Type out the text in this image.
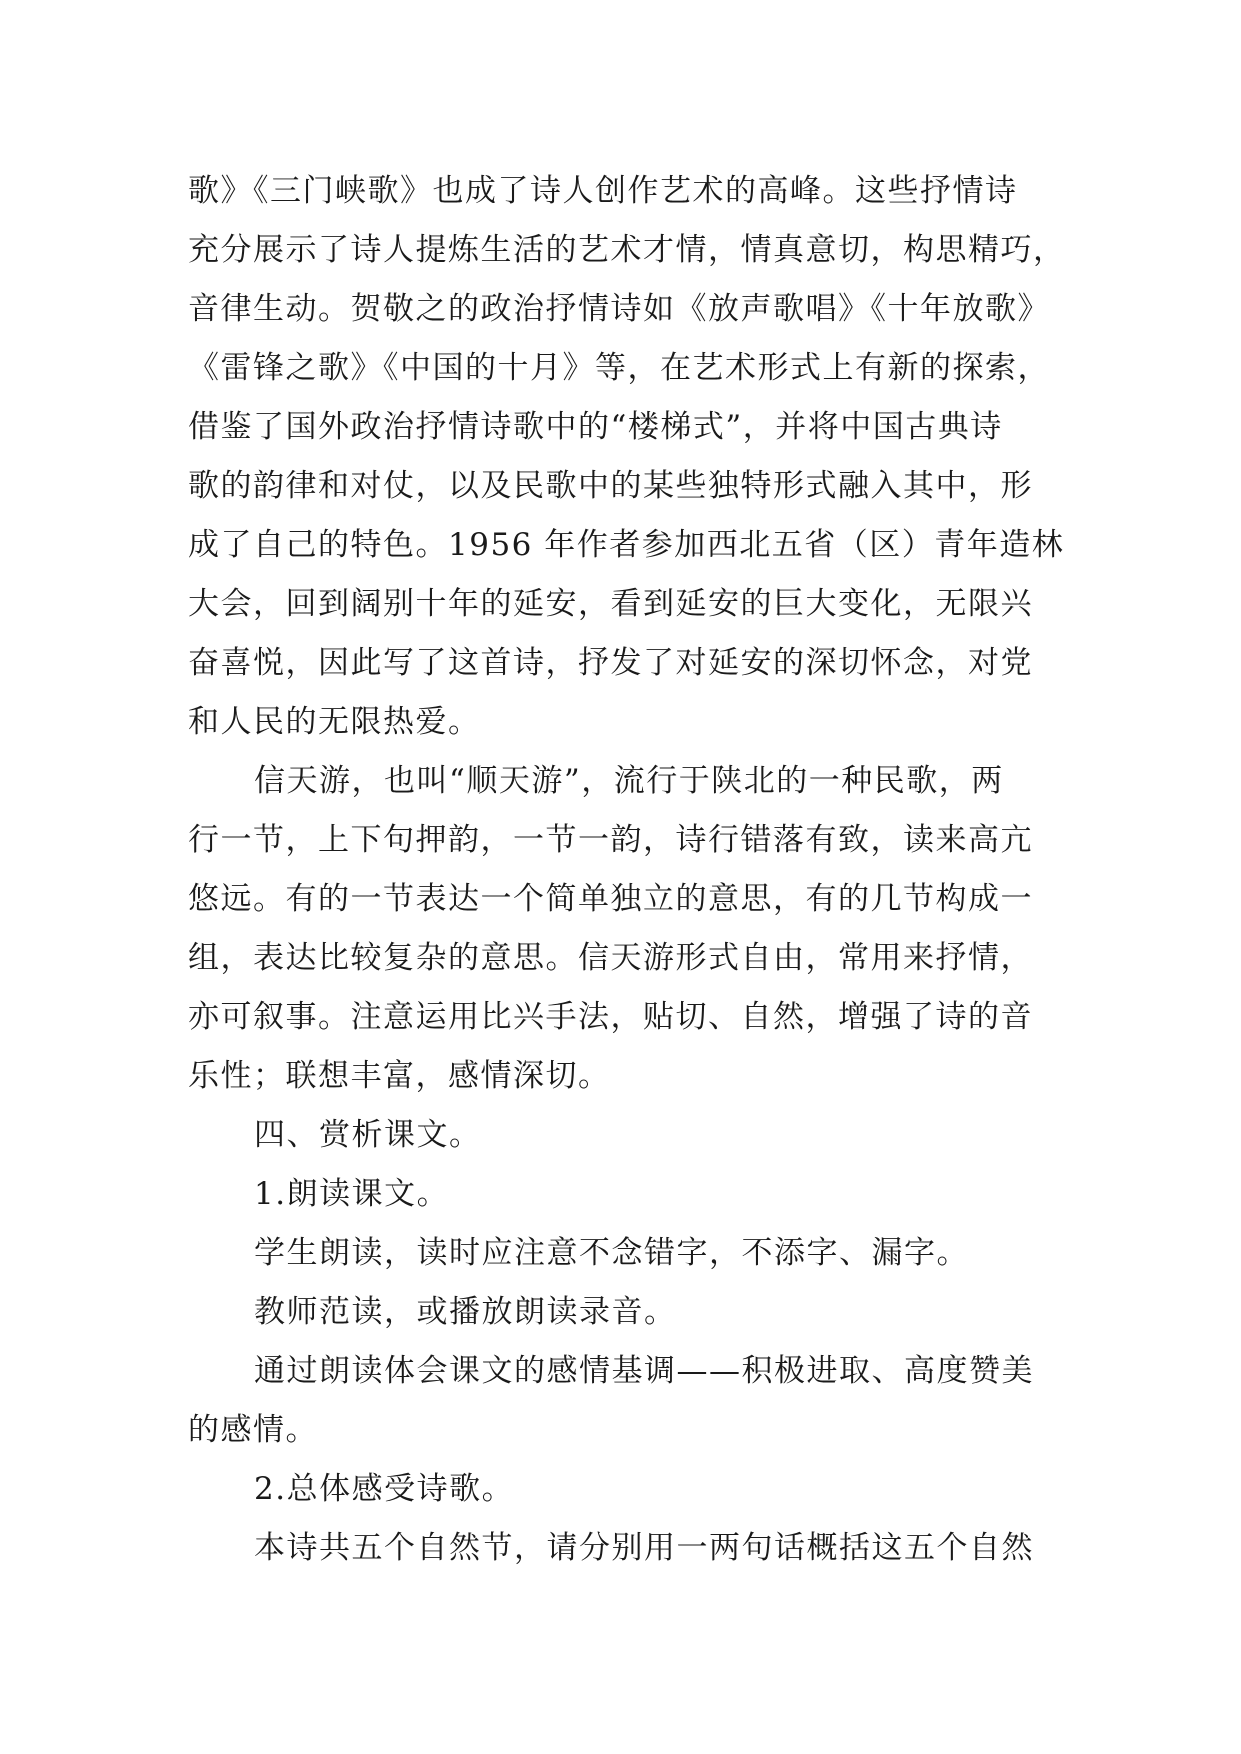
歌》《三门峡歌》也成了诗人创作艺术的高峰。这些抒情诗
充分展示了诗人提炼生活的艺术才情，情真意切，构思精巧，
音律生动。贺敬之的政治抒情诗如《放声歌唱》《十年放歌》
《雷锋之歌》《中国的十月》等，在艺术形式上有新的探索，
借鉴了国外政治抒情诗歌中的“楼梯式”，并将中国古典诗
歌的韵律和对仗，以及民歌中的某些独特形式融入其中，形
成了自己的特色。1956 年作者参加西北五省（区）青年造林
大会，回到阔别十年的延安，看到延安的巨大变化，无限兴
奋喜悦，因此写了这首诗，抒发了对延安的深切怀念，对党
和人民的无限热爱。
信天游，也叫“顺天游”，流行于陕北的一种民歌，两
行一节，上下句押韵，一节一韵，诗行错落有致，读来高亢
悠远。有的一节表达一个简单独立的意思，有的几节构成一
组，表达比较复杂的意思。信天游形式自由，常用来抒情，
亦可叙事。注意运用比兴手法，贴切、自然，增强了诗的音
乐性；联想丰富，感情深切。
四、赏析课文。
1.朗读课文。
学生朗读，读时应注意不念错字，不添字、漏字。
教师范读，或播放朗读录音。
通过朗读体会课文的感情基调——积极进取、高度赞美
的感情。
2.总体感受诗歌。
本诗共五个自然节，请分别用一两句话概括这五个自然
